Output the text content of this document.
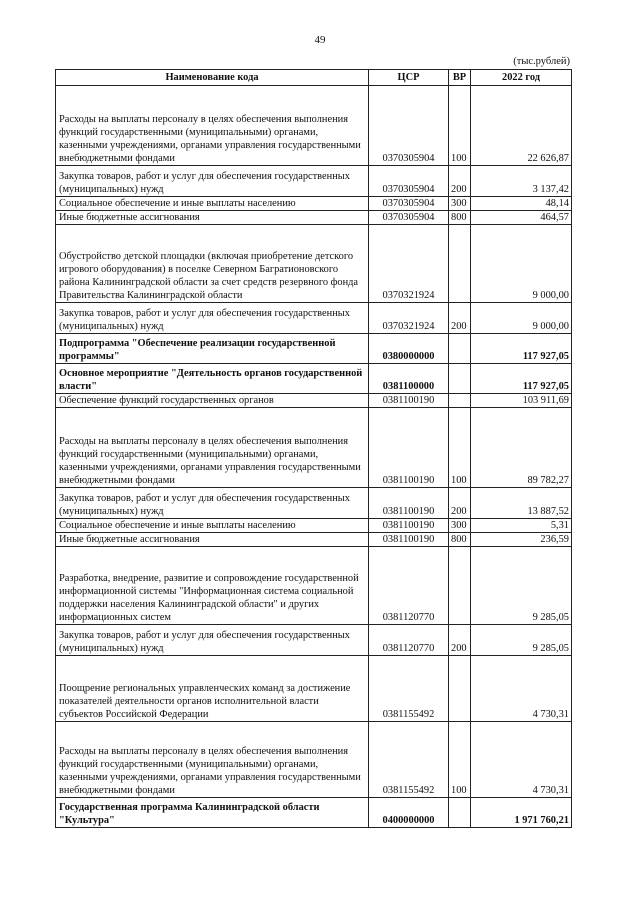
49
(тыс.рублей)
Наименование кода	ЦСР	ВР	2022 год
Расходы на выплаты персоналу в целях обеспечения выполнения функций государственными (муниципальными) органами, казенными учреждениями, органами управления государственными внебюджетными фондами	0370305904	100	22 626,87
Закупка товаров, работ и услуг для обеспечения государственных (муниципальных) нужд	0370305904	200	3 137,42
Социальное обеспечение и иные выплаты населению	0370305904	300	48,14
Иные бюджетные ассигнования	0370305904	800	464,57
Обустройство детской площадки (включая приобретение детского игрового оборудования) в поселке Северном Багратионовского района Калининградской области за счет средств резервного фонда Правительства Калининградской области	0370321924		9 000,00
Закупка товаров, работ и услуг для обеспечения государственных (муниципальных) нужд	0370321924	200	9 000,00
Подпрограмма "Обеспечение реализации государственной программы"	0380000000		117 927,05
Основное мероприятие "Деятельность органов государственной власти"	0381100000		117 927,05
Обеспечение функций государственных органов	0381100190		103 911,69
Расходы на выплаты персоналу в целях обеспечения выполнения функций государственными (муниципальными) органами, казенными учреждениями, органами управления государственными внебюджетными фондами	0381100190	100	89 782,27
Закупка товаров, работ и услуг для обеспечения государственных (муниципальных) нужд	0381100190	200	13 887,52
Социальное обеспечение и иные выплаты населению	0381100190	300	5,31
Иные бюджетные ассигнования	0381100190	800	236,59
Разработка, внедрение, развитие и сопровождение государственной информационной системы "Информационная система социальной поддержки населения Калининградской области" и других информационных систем	0381120770		9 285,05
Закупка товаров, работ и услуг для обеспечения государственных (муниципальных) нужд	0381120770	200	9 285,05
Поощрение региональных управленческих команд за достижение показателей деятельности органов исполнительной власти субъектов Российской Федерации	0381155492		4 730,31
Расходы на выплаты персоналу в целях обеспечения выполнения функций государственными (муниципальными) органами, казенными учреждениями, органами управления государственными внебюджетными фондами	0381155492	100	4 730,31
Государственная программа Калининградской области "Культура"	0400000000		1 971 760,21
